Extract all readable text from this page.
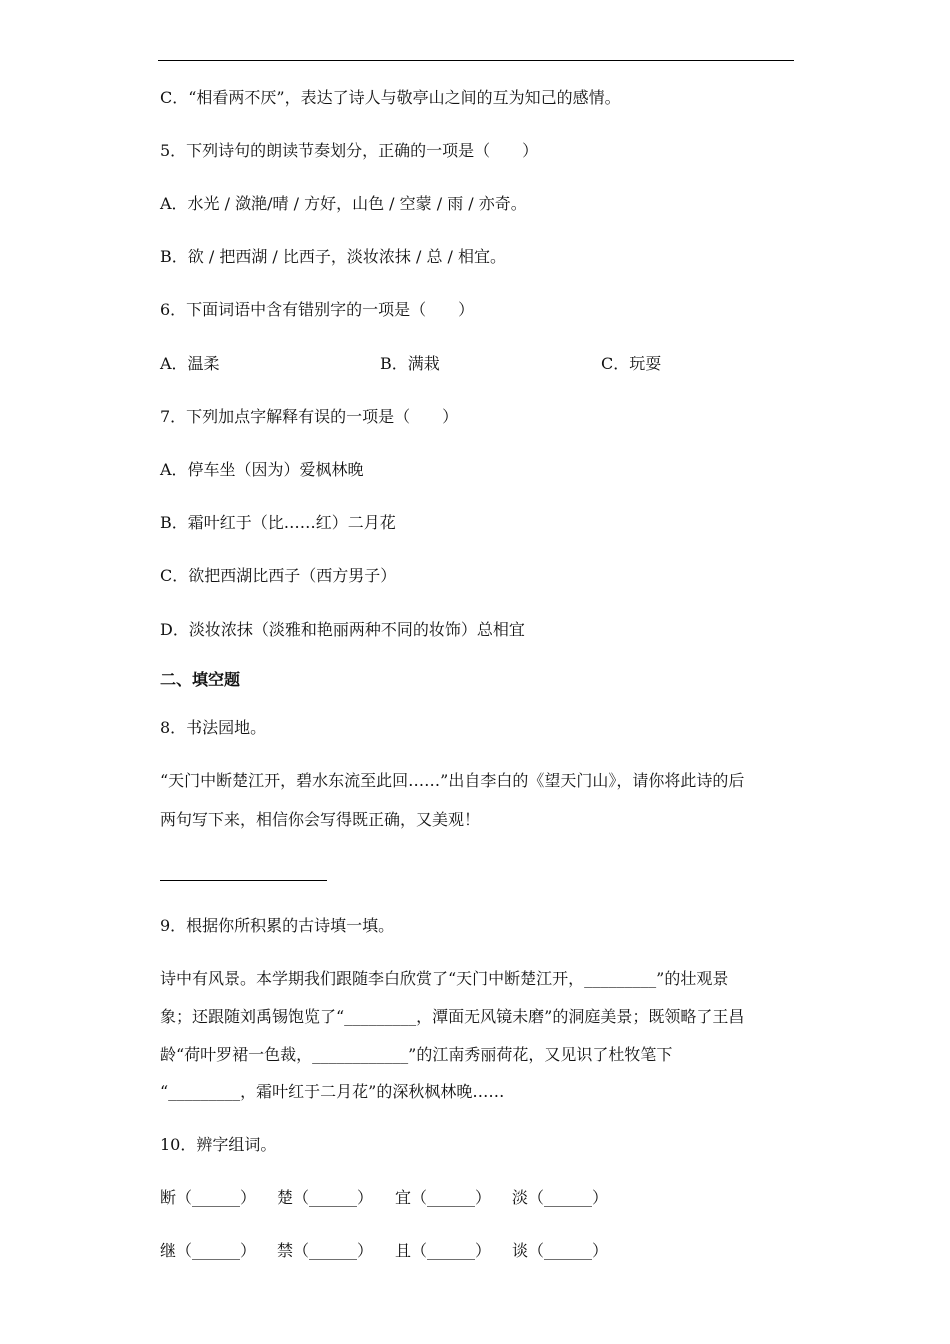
C．“相看两不厌”，表达了诗人与敬亭山之间的互为知己的感情。
5．下列诗句的朗读节奏划分，正确的一项是（　　）
A．水光 / 潋滟/晴 / 方好，山色 / 空蒙 / 雨 / 亦奇。
B．欲 / 把西湖 / 比西子，淡妆浓抹 / 总 / 相宜。
6．下面词语中含有错别字的一项是（　　）
A．温柔	B．满栽	C．玩耍
7．下列加点字解释有误的一项是（　　）
A．停车坐（因为）爱枫林晚
B．霜叶红于（比……红）二月花
C．欲把西湖比西子（西方男子）
D．淡妆浓抹（淡雅和艳丽两种不同的妆饰）总相宜
二、填空题
8．书法园地。
“天门中断楚江开，碧水东流至此回……”出自李白的《望天门山》，请你将此诗的后
两句写下来，相信你会写得既正确，又美观！
9．根据你所积累的古诗填一填。
诗中有风景。本学期我们跟随李白欣赏了“天门中断楚江开，_________”的壮观景
象；还跟随刘禹锡饱览了“_________，潭面无风镜未磨”的洞庭美景；既领略了王昌
龄“荷叶罗裙一色裁，____________”的江南秀丽荷花，又见识了杜牧笔下
“_________，霜叶红于二月花”的深秋枫林晚……
10．辨字组词。
断（______） 楚（______） 宜（______） 淡（______）
继（______） 禁（______） 且（______） 谈（______）
